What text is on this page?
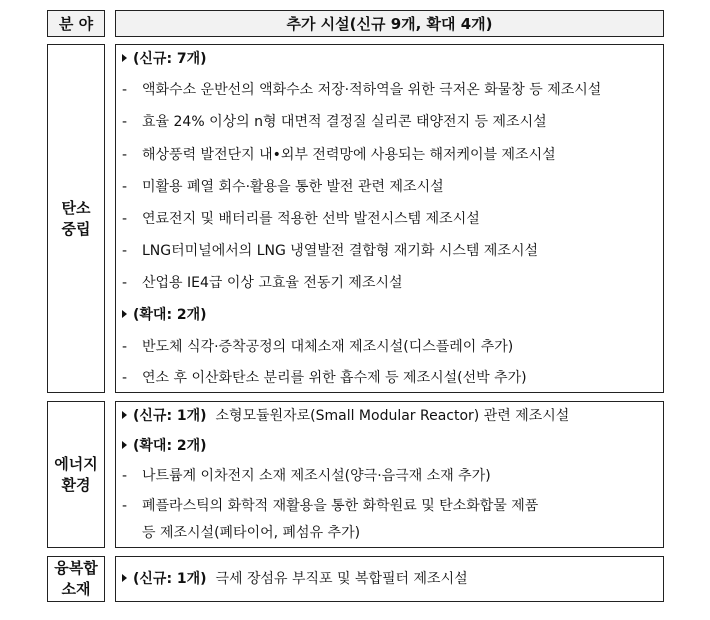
분 야	추가 시설(신규 9개, 확대 4개)
탄소
중립
(신규: 7개)
- 액화수소 운반선의 액화수소 저장·적하역을 위한 극저온 화물창 등 제조시설
- 효율 24% 이상의 n형 대면적 결정질 실리콘 태양전지 등 제조시설
- 해상풍력 발전단지 내•외부 전력망에 사용되는 해저케이블 제조시설
- 미활용 폐열 회수·활용을 통한 발전 관련 제조시설
- 연료전지 및 배터리를 적용한 선박 발전시스템 제조시설
- LNG터미널에서의 LNG 냉열발전 결합형 재기화 시스템 제조시설
- 산업용 IE4급 이상 고효율 전동기 제조시설
(확대: 2개)
- 반도체 식각·증착공정의 대체소재 제조시설(디스플레이 추가)
- 연소 후 이산화탄소 분리를 위한 흡수제 등 제조시설(선박 추가)
에너지
환경
(신규: 1개) 소형모듈원자로(Small Modular Reactor) 관련 제조시설
(확대: 2개)
- 나트륨계 이차전지 소재 제조시설(양극·음극재 소재 추가)
- 폐플라스틱의 화학적 재활용을 통한 화학원료 및 탄소화합물 제품
등 제조시설(폐타이어, 폐섬유 추가)
융복합
소재
(신규: 1개) 극세 장섬유 부직포 및 복합필터 제조시설
